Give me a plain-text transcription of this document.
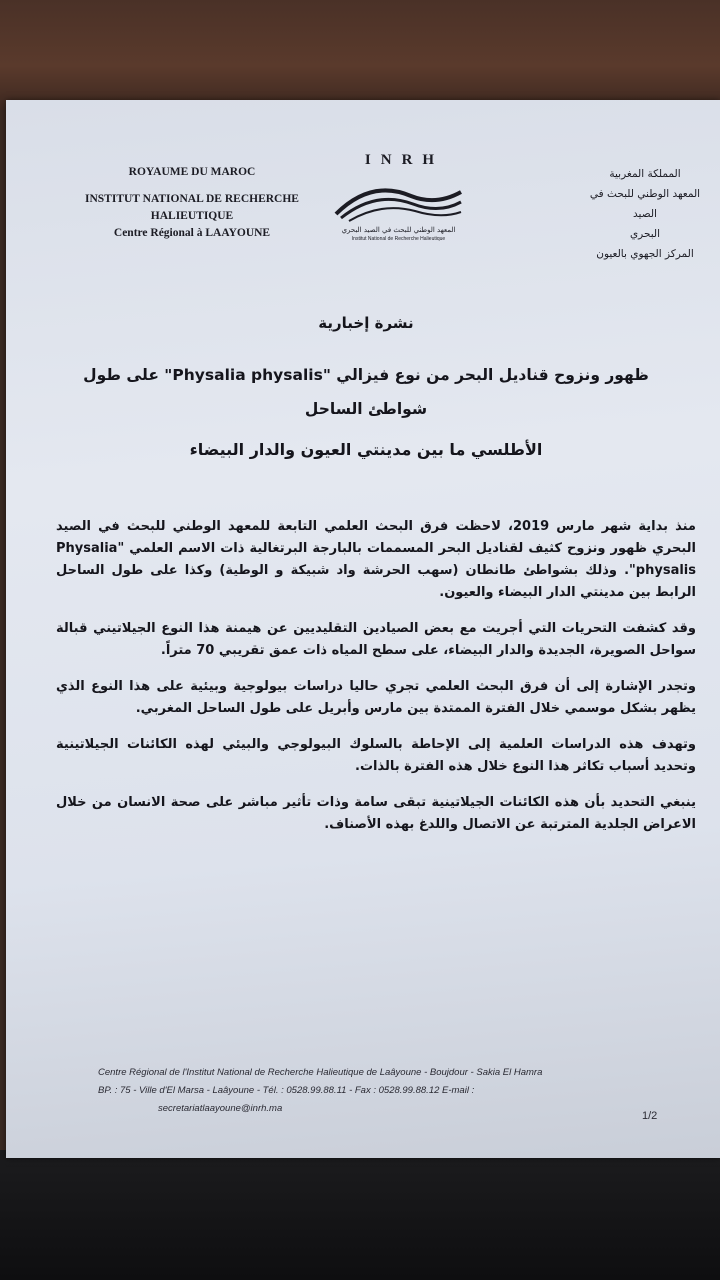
ROYAUME DU MAROC
INSTITUT NATIONAL DE RECHERCHE
HALIEUTIQUE
Centre Régional à LAAYOUNE
INRH
المعهد الوطني للبحث في الصيد البحري
Institut National de Recherche Halieutique
المملكة المغربية
المعهد الوطني للبحث في الصيد
البحري
المركز الجهوي بالعيون
نشرة إخبارية
ظهور ونزوح قناديل البحر من نوع فيزالي "Physalia physalis" على طول
شواطئ الساحل
الأطلسي ما بين مدينتي العيون والدار البيضاء

منذ بداية شهر مارس 2019، لاحظت فرق البحث العلمي التابعة للمعهد الوطني للبحث في الصيد البحري ظهور ونزوح كثيف لقناديل البحر المسممات بالبارجة البرتغالية ذات الاسم العلمي "Physalia physalis". وذلك بشواطئ طانطان (سهب الحرشة واد شبيكة و الوطية) وكذا على طول الساحل الرابط بين مدينتي الدار البيضاء والعيون.

وقد كشفت التحريات التي أجريت مع بعض الصيادين التقليديين عن هيمنة هذا النوع الجيلاتيني قبالة سواحل الصويرة، الجديدة والدار البيضاء، على سطح المياه ذات عمق تقريبي 70 متراً.

وتجدر الإشارة إلى أن فرق البحث العلمي تجري حاليا دراسات بيولوجية وبيئية على هذا النوع الذي يظهر بشكل موسمي خلال الفترة الممتدة بين مارس وأبريل على طول الساحل المغربي.

وتهدف هذه الدراسات العلمية إلى الإحاطة بالسلوك البيولوجي والبيئي لهذه الكائنات الجيلاتينية وتحديد أسباب تكاثر هذا النوع خلال هذه الفترة بالذات.

ينبغي التحديد بأن هذه الكائنات الجيلاتينية تبقى سامة وذات تأثير مباشر على صحة الانسان من خلال الاعراض الجلدية المترتبة عن الاتصال واللدغ بهذه الأصناف.

Centre Régional de l'Institut National de Recherche Halieutique de Laâyoune - Boujdour - Sakia El Hamra
BP. : 75 - Ville d'El Marsa - Laâyoune - Tél. : 0528.99.88.11 - Fax : 0528.99.88.12 E-mail :
secretariatlaayoune@inrh.ma
1/2
